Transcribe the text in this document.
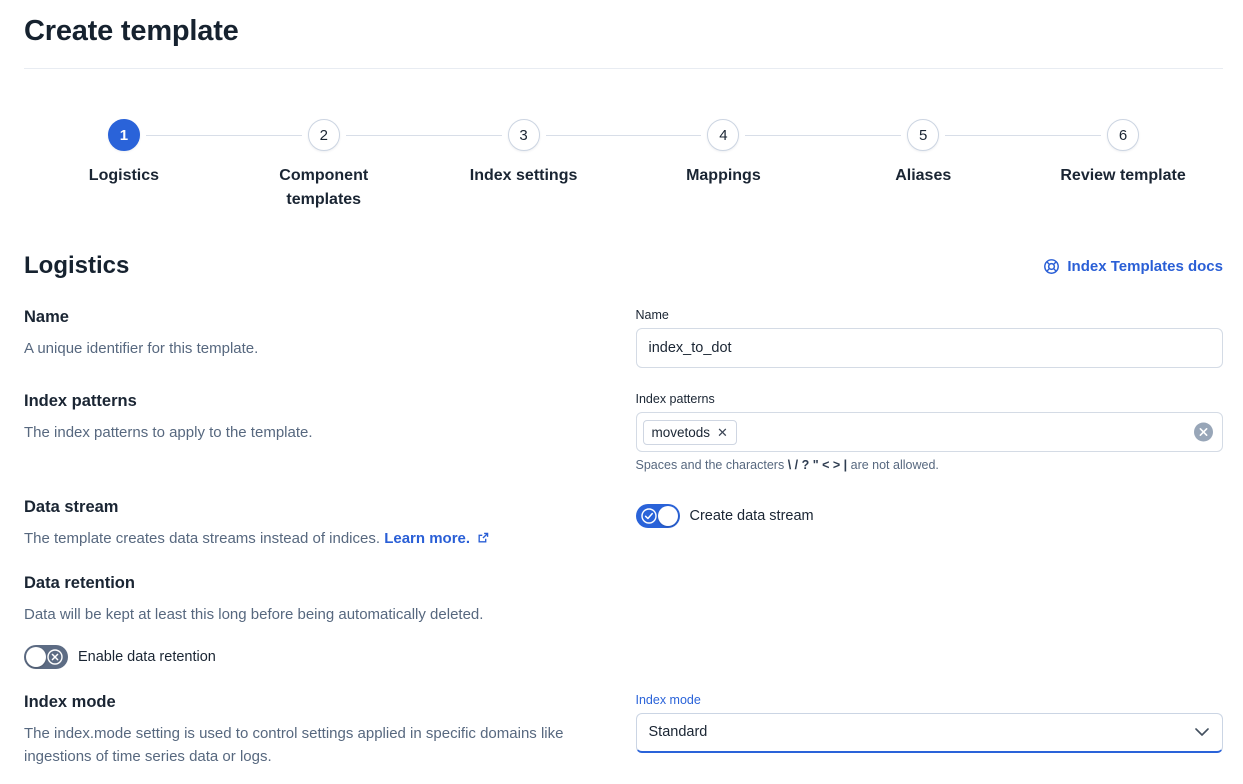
Create template
1
Logistics
2
Component templates
3
Index settings
4
Mappings
5
Aliases
6
Review template
Logistics	Index Templates docs
Name

A unique identifier for this template.

Name
index_to_dot
Index patterns

The index patterns to apply to the template.

Index patterns
movetods ✕
Spaces and the characters \ / ? " < > | are not allowed.
Data stream

The template creates data streams instead of indices. Learn more.

Create data stream
Data retention

Data will be kept at least this long before being automatically deleted.

Enable data retention
Index mode

The index.mode setting is used to control settings applied in specific domains like ingestions of time series data or logs.

Index mode
Standard
